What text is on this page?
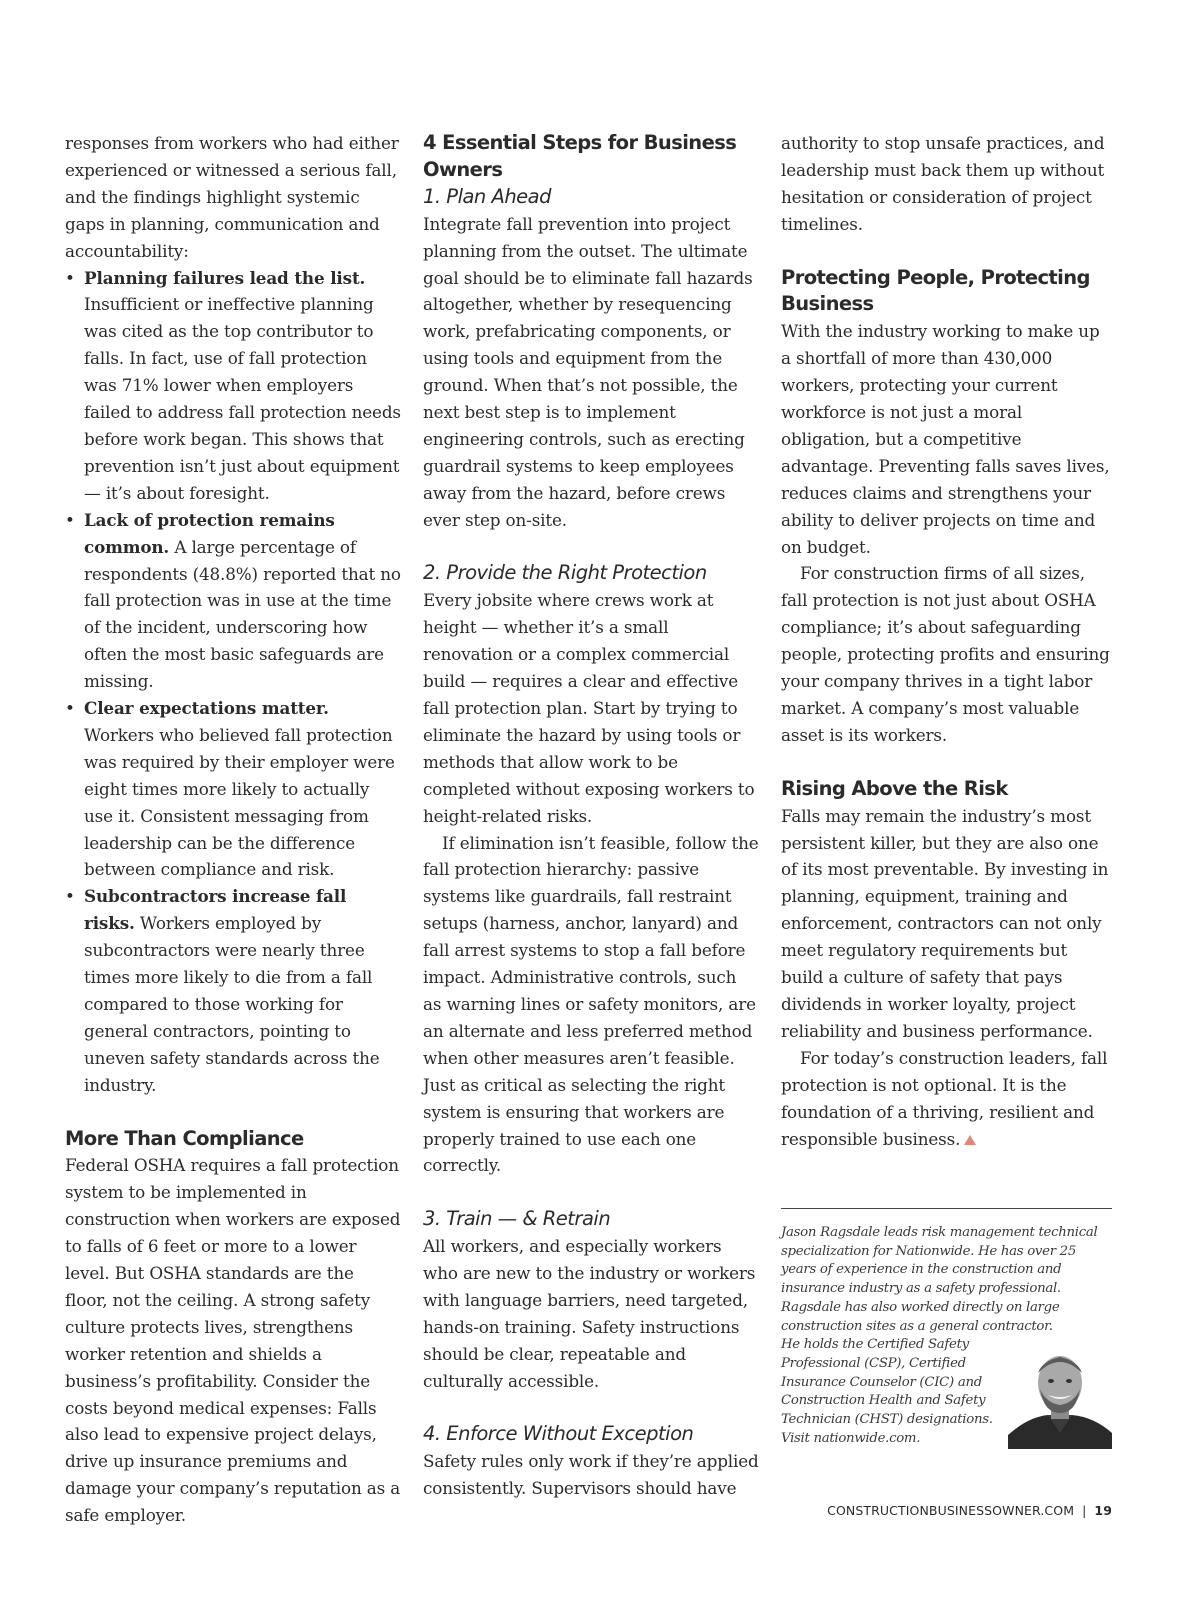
responses from workers who had either experienced or witnessed a serious fall, and the findings highlight systemic gaps in planning, communication and accountability:

• Planning failures lead the list. Insufficient or ineffective planning was cited as the top contributor to falls. In fact, use of fall protection was 71% lower when employers failed to address fall protection needs before work began. This shows that prevention isn’t just about equipment — it’s about foresight.
• Lack of protection remains common. A large percentage of respondents (48.8%) reported that no fall protection was in use at the time of the incident, underscoring how often the most basic safeguards are missing.
• Clear expectations matter. Workers who believed fall protection was required by their employer were eight times more likely to actually use it. Consistent messaging from leadership can be the difference between compliance and risk.
• Subcontractors increase fall risks. Workers employed by subcontractors were nearly three times more likely to die from a fall compared to those working for general contractors, pointing to uneven safety standards across the industry.
More Than Compliance

Federal OSHA requires a fall protection system to be implemented in construction when workers are exposed to falls of 6 feet or more to a lower level. But OSHA standards are the floor, not the ceiling. A strong safety culture protects lives, strengthens worker retention and shields a business’s profitability. Consider the costs beyond medical expenses: Falls also lead to expensive project delays, drive up insurance premiums and damage your company’s reputation as a safe employer.

4 Essential Steps for Business Owners
1. Plan Ahead

Integrate fall prevention into project planning from the outset. The ultimate goal should be to eliminate fall hazards altogether, whether by resequencing work, prefabricating components, or using tools and equipment from the ground. When that’s not possible, the next best step is to implement engineering controls, such as erecting guardrail systems to keep employees away from the hazard, before crews ever step on-site.

2. Provide the Right Protection

Every jobsite where crews work at height — whether it’s a small renovation or a complex commercial build — requires a clear and effective fall protection plan. Start by trying to eliminate the hazard by using tools or methods that allow work to be completed without exposing workers to height-related risks.

If elimination isn’t feasible, follow the fall protection hierarchy: passive systems like guardrails, fall restraint setups (harness, anchor, lanyard) and fall arrest systems to stop a fall before impact. Administrative controls, such as warning lines or safety monitors, are an alternate and less preferred method when other measures aren’t feasible. Just as critical as selecting the right system is ensuring that workers are properly trained to use each one correctly.

3. Train — & Retrain

All workers, and especially workers who are new to the industry or workers with language barriers, need targeted, hands-on training. Safety instructions should be clear, repeatable and culturally accessible.

4. Enforce Without Exception

Safety rules only work if they’re applied consistently. Supervisors should have

authority to stop unsafe practices, and leadership must back them up without hesitation or consideration of project timelines.

Protecting People, Protecting Business

With the industry working to make up a shortfall of more than 430,000 workers, protecting your current workforce is not just a moral obligation, but a competitive advantage. Preventing falls saves lives, reduces claims and strengthens your ability to deliver projects on time and on budget.

For construction firms of all sizes, fall protection is not just about OSHA compliance; it’s about safeguarding people, protecting profits and ensuring your company thrives in a tight labor market. A company’s most valuable asset is its workers.

Rising Above the Risk

Falls may remain the industry’s most persistent killer, but they are also one of its most preventable. By investing in planning, equipment, training and enforcement, contractors can not only meet regulatory requirements but build a culture of safety that pays dividends in worker loyalty, project reliability and business performance.

For today’s construction leaders, fall protection is not optional. It is the foundation of a thriving, resilient and responsible business.

Jason Ragsdale leads risk management technical specialization for Nationwide. He has over 25 years of experience in the construction and insurance industry as a safety professional. Ragsdale has also worked directly on large construction sites as a general contractor.
He holds the Certified Safety Professional (CSP), Certified Insurance Counselor (CIC) and Construction Health and Safety Technician (CHST) designations. Visit nationwide.com.
CONSTRUCTIONBUSINESSOWNER.COM | 19
